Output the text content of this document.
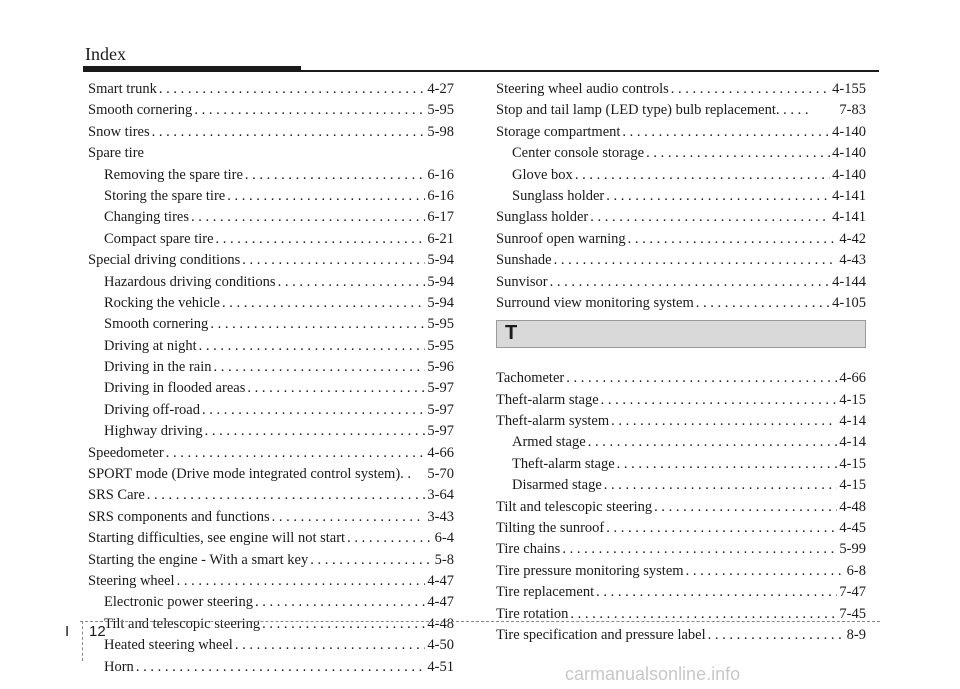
Index
Smart trunk . . .	4-27
Smooth cornering . . .	5-95
Snow tires . . .	5-98
Spare tire
Removing the spare tire . . .	6-16
Storing the spare tire . . .	6-16
Changing tires . . .	6-17
Compact spare tire . . .	6-21
Special driving conditions . . .	5-94
Hazardous driving conditions . . .	5-94
Rocking the vehicle . . .	5-94
Smooth cornering . . .	5-95
Driving at night . . .	5-95
Driving in the rain . . .	5-96
Driving in flooded areas . . .	5-97
Driving off-road . . .	5-97
Highway driving . . .	5-97
Speedometer . . .	4-66
SPORT mode (Drive mode integrated control system). .	5-70
SRS Care . . .	3-64
SRS components and functions . . .	3-43
Starting difficulties, see engine will not start . . .	6-4
Starting the engine - With a smart key . . .	5-8
Steering wheel . . .	4-47
Electronic power steering . . .	4-47
Tilt and telescopic steering . . .	4-48
Heated steering wheel . . .	4-50
Horn . . .	4-51
Steering wheel audio controls . . .	4-155
Stop and tail lamp (LED type) bulb replacement. . . . .	7-83
Storage compartment . . .	4-140
Center console storage . . .	4-140
Glove box . . .	4-140
Sunglass holder . . .	4-141
Sunglass holder . . .	4-141
Sunroof open warning . . .	4-42
Sunshade . . .	4-43
Sunvisor . . .	4-144
Surround view monitoring system . . .	4-105
T
Tachometer . . .	4-66
Theft-alarm stage . . .	4-15
Theft-alarm system . . .	4-14
Armed stage . . .	4-14
Theft-alarm stage . . .	4-15
Disarmed stage . . .	4-15
Tilt and telescopic steering . . .	4-48
Tilting the sunroof . . .	4-45
Tire chains . . .	5-99
Tire pressure monitoring system . . .	6-8
Tire replacement . . .	7-47
Tire rotation . . .	7-45
Tire specification and pressure label . . .	8-9
I 12
carmanualsonline.info
